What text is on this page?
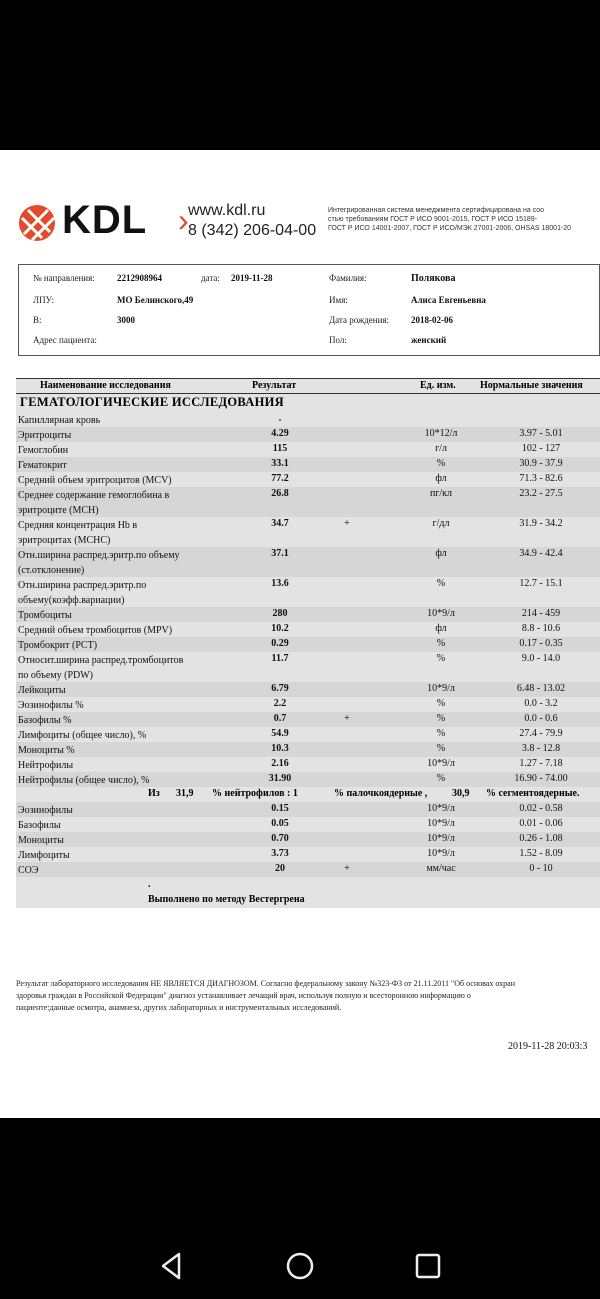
KDL › www.kdl.ru
8 (342) 206-04-00
Интегрированная система менеджмента сертифицирована на соо
стью требованиям ГОСТ Р ИСО 9001-2015, ГОСТ Р ИСО 15189-
ГОСТ Р ИСО 14001-2007, ГОСТ Р ИСО/МЭК 27001-2006, OHSAS 18001-20
№ направления: 2212908964	дата: 2019-11-28	Фамилия:	Полякова
ЛПУ:	МО Белинского,49	Имя:	Алиса Евгеньевна
В:	3000	Дата рождения: 2018-02-06
Адрес пациента:	Пол:	женский
Наименование исследования	Результат	Ед. изм. Нормальные значения
ГЕМАТОЛОГИЧЕСКИЕ ИССЛЕДОВАНИЯ
Капиллярная кровь	.
Эритроциты	4.29	10*12/л	3.97 - 5.01
Гемоглобин	115	г/л	102 - 127
Гематокрит	33.1	%	30.9 - 37.9
Средний объем эритроцитов (MCV)	77.2	фл	71.3 - 82.6
Среднее содержание гемоглобина в	26.8	пг/кл	23.2 - 27.5
эритроците (MCH)
Средняя концентрация Hb в	34.7	+	г/дл	31.9 - 34.2
эритроцитах (MCHC)
Отн.ширина распред.эритр.по объему	37.1	фл	34.9 - 42.4
(ст.отклонение)
Отн.ширина распред.эритр.по	13.6	%	12.7 - 15.1
объему(коэфф.вариации)
Тромбоциты	280	10*9/л	214 - 459
Средний объем тромбоцитов (MPV)	10.2	фл	8.8 - 10.6
Тромбокрит (PCT)	0.29	%	0.17 - 0.35
Относит.ширина распред.тромбоцитов	11.7	%	9.0 - 14.0
по объему (PDW)
Лейкоциты	6.79	10*9/л	6.48 - 13.02
Эозинофилы %	2.2	%	0.0 - 3.2
Базофилы %	0.7	+	%	0.0 - 0.6
Лимфоциты (общее число), %	54.9	%	27.4 - 79.9
Моноциты %	10.3	%	3.8 - 12.8
Нейтрофилы	2.16	10*9/л	1.27 - 7.18
Нейтрофилы (общее число), %	31.90	%	16.90 - 74.00
Из 31,9 % нейтрофилов : 1	% палочкоядерные , 30,9 % сегментоядерные.
Эозинофилы	0.15	10*9/л	0.02 - 0.58
Базофилы	0.05	10*9/л	0.01 - 0.06
Моноциты	0.70	10*9/л	0.26 - 1.08
Лимфоциты	3.73	10*9/л	1.52 - 8.09
СОЭ	20	+	мм/час	0 - 10
.
Выполнено по методу Вестергрена
Результат лабораторного исследования НЕ ЯВЛЯЕТСЯ ДИАГНОЗОМ. Согласно федеральному закону №323-ФЗ от 21.11.2011 "Об основах охран
здоровья граждан в Российской Федерации" диагноз устанавливает лечащий врач, используя полную и всесторонною информацию о
пациенте:данные осмотра, анамнеза, других лабораторных и инструментальных исследований.
2019-11-28 20:03:3
